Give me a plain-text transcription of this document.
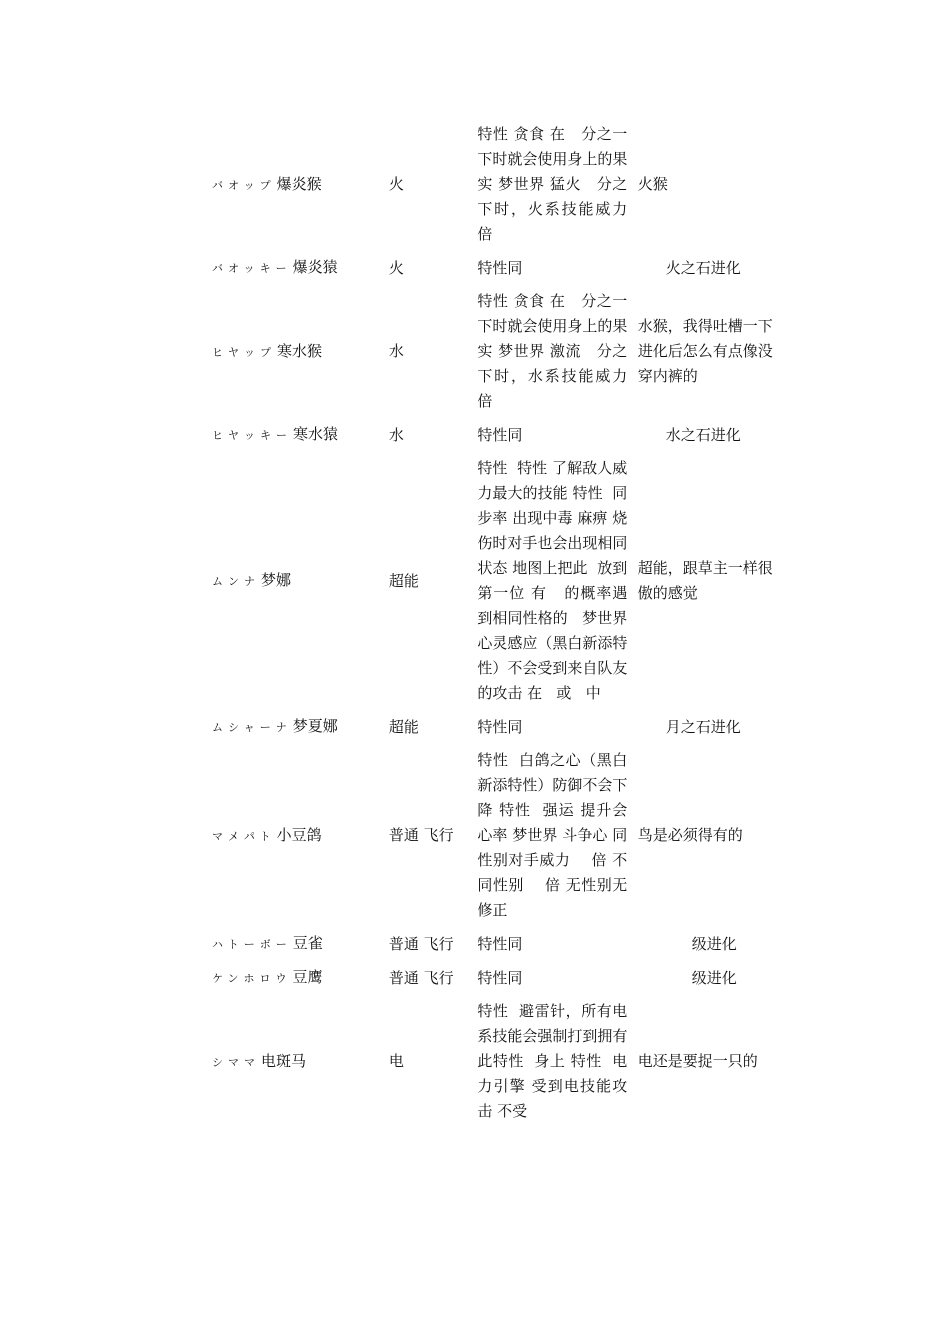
バオップ爆炎猴	火	特性 贪食 在   分之一下时就会使用身上的果实 梦世界 猛火   分之 下时，火系技能威力   倍	火猴

バオッキー爆炎猿	火	特性同	火之石进化

ヒヤップ寒水猴	水	特性 贪食 在   分之一下时就会使用身上的果实 梦世界 激流   分之 下时，水系技能威力   倍	水猴，我得吐槽一下 进化后怎么有点像没穿内裤的

ヒヤッキー寒水猿	水	特性同	水之石进化

ムンナ梦娜	超能	特性  特性 了解敌人威力最大的技能 特性  同步率 出现中毒 麻痹 烧伤时对手也会出现相同状态 地图上把此  放到第一位 有   的概率遇到相同性格的   梦世界 心灵感应（黑白新添特性）不会受到来自队友的攻击 在   或   中	超能，跟草主一样很傲的感觉

ムシャーナ梦夏娜	超能	特性同	月之石进化

マメパト小豆鸽	普通 飞行	特性  白鸽之心（黑白新添特性）防御不会下降 特性  强运 提升会心率 梦世界 斗争心 同性别对手威力    倍 不同性别    倍 无性别无修正	鸟是必须得有的

ハトーボー豆雀	普通 飞行	特性同	级进化

ケンホロウ豆鹰	普通 飞行	特性同	级进化

シママ电斑马	电	特性  避雷针，所有电系技能会强制打到拥有此特性  身上 特性  电力引擎 受到电技能攻击 不受	电还是要捉一只的
